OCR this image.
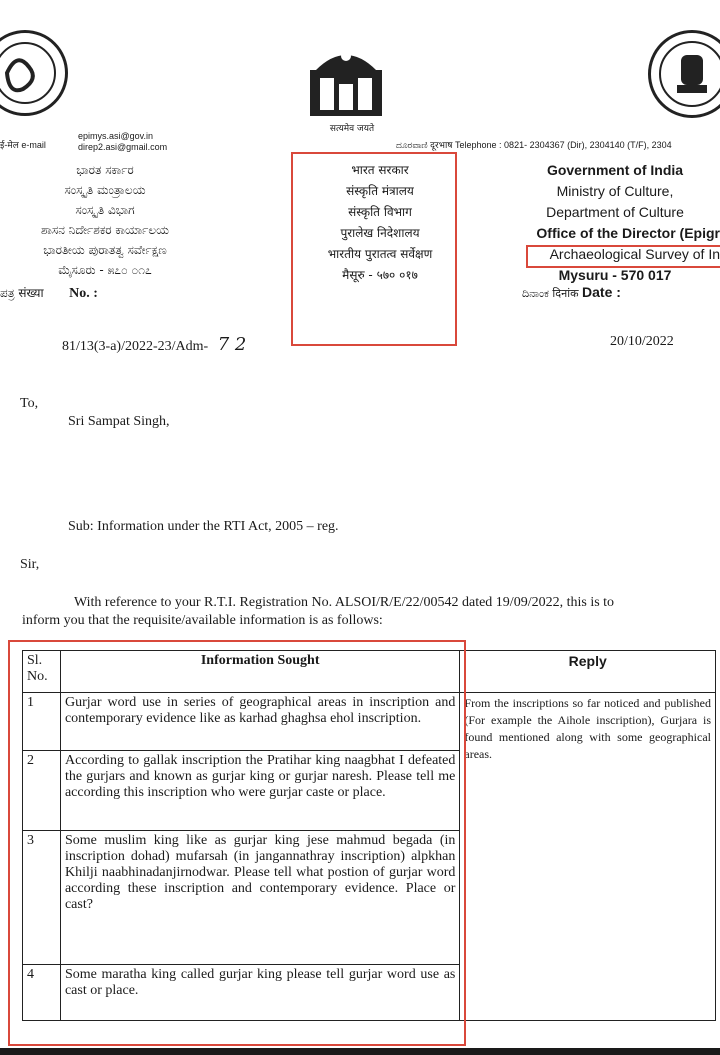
ई-मेल e-mail
epimys.asi@gov.in
direp2.asi@gmail.com
सत्यमेव जयते
ದೂರವಾಣಿ दूरभाष Telephone : 0821- 2304367 (Dir), 2304140 (T/F), 2304
ಭಾರತ ಸರ್ಕಾರ
ಸಂಸ್ಕೃತಿ ಮಂತ್ರಾಲಯ
ಸಂಸ್ಕೃತಿ ವಿಭಾಗ
ಶಾಸನ ನಿರ್ದೇಶಕರ ಕಾರ್ಯಾಲಯ
ಭಾರತೀಯ ಪುರಾತತ್ವ ಸರ್ವೇಕ್ಷಣ
ಮೈಸೂರು - ೫೭೦ ೦೧೭
भारत सरकार
संस्कृति मंत्रालय
संस्कृति विभाग
पुरालेख निदेशालय
भारतीय पुरातत्व सर्वेक्षण
मैसूरु - ५७० ०१७
Government of India
Ministry of Culture,
Department of Culture
Office of the Director (Epigr
Archaeological Survey of In
Mysuru - 570 017
ಪತ್ರ संख्या No. :
81/13(3-a)/2022-23/Adm- 7 2
ದಿನಾಂಕ दिनांक Date :
20/10/2022
To,
Sri Sampat Singh,
Sub: Information under the RTI Act, 2005 – reg.
Sir,
With reference to your R.T.I. Registration No. ALSOI/R/E/22/00542 dated 19/09/2022, this is to
inform you that the requisite/available information is as follows:
Sl. No.	Information Sought	Reply
1	Gurjar word use in series of geographical areas in inscription and contemporary evidence like as karhad ghaghsa ehol inscription.	From the inscriptions so far noticed and published (For example the Aihole inscription), Gurjara is found mentioned along with some geographical areas.
2	According to gallak inscription the Pratihar king naagbhat I defeated the gurjars and known as gurjar king or gurjar naresh. Please tell me according this inscription who were gurjar caste or place.	
3	Some muslim king like as gurjar king jese mahmud begada (in inscription dohad) mufarsah (in jangannathray inscription) alpkhan Khilji naabhinadanjirnodwar. Please tell what postion of gurjar word according these inscription and contemporary evidence. Place or cast?	
4	Some maratha king called gurjar king please tell gurjar word use as cast or place.	
